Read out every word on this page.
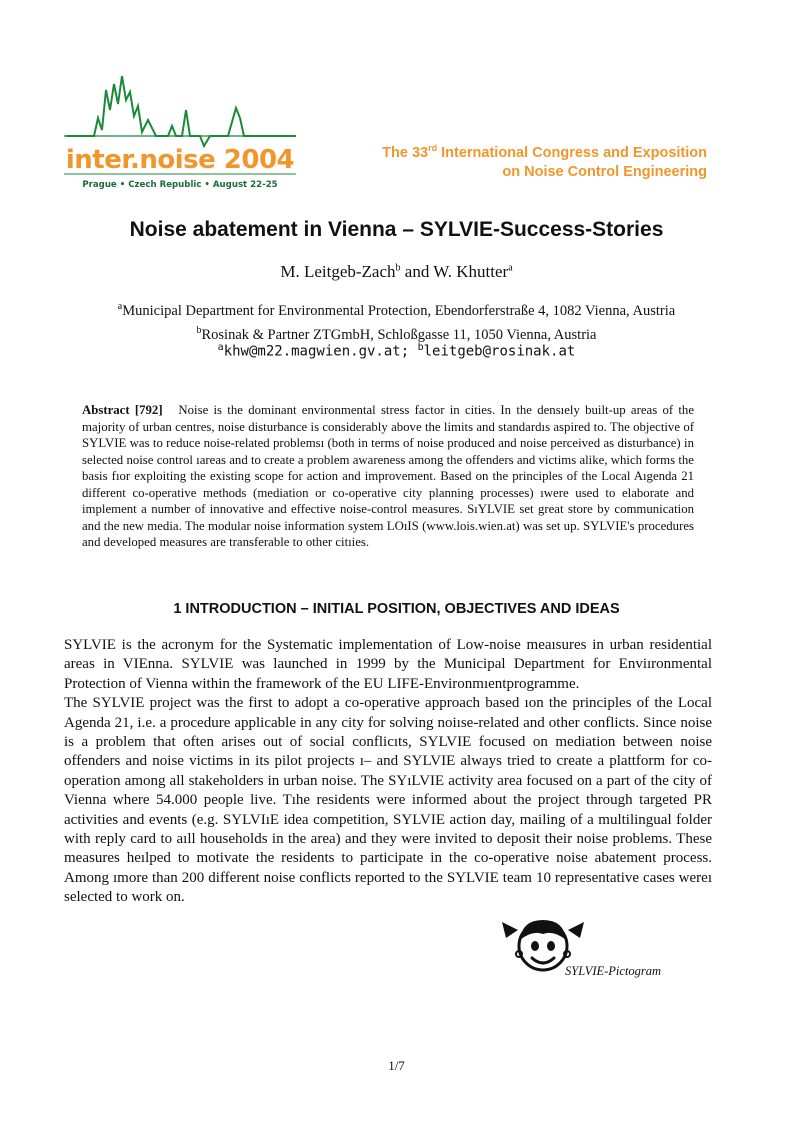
inter.noise 2004
Prague • Czech Republic • August 22-25
The 33rd International Congress and Exposition
on Noise Control Engineering
Noise abatement in Vienna – SYLVIE-Success-Stories
M. Leitgeb-Zach$^b$ and W. Khutter$^a$
$^a$Municipal Department for Environmental Protection, Ebendorferstraße 4, 1082 Vienna, Austria
$^b$Rosinak & Partner ZTGmbH, Schloßgasse 11, 1050 Vienna, Austria
$^a$khw@m22.magwien.gv.at; $^b$leitgeb@rosinak.at
Abstract [792] Noise is the dominant environmental stress factor in cities. In the densıely built-up areas of the majority of urban centres, noise disturbance is considerably above the limits and standardıs aspired to. The objective of SYLVIE was to reduce noise-related problemsı (both in terms of noise produced and noise perceived as disturbance) in selected noise control ıareas and to create a problem awareness among the offenders and victims alike, which forms the basis fıor exploiting the existing scope for action and improvement. Based on the principles of the Local Aıgenda 21 different co-operative methods (mediation or co-operative city planning processes) ıwere used to elaborate and implement a number of innovative and effective noise-control measures. SıYLVIE set great store by communication and the new media. The modular noise information system LOıIS (www.lois.wien.at) was set up. SYLVIE's procedures and developed measures are transferable to other citıies.
1 INTRODUCTION – INITIAL POSITION, OBJECTIVES AND IDEAS

SYLVIE is the acronym for the Systematic implementation of Low-noise meaısures in urban residential areas in VIEnna. SYLVIE was launched in 1999 by the Municipal Department for Enviıronmental Protection of Vienna within the framework of the EU LIFE-Environmıentprogramme.

The SYLVIE project was the first to adopt a co-operative approach based ıon the principles of the Local Agenda 21, i.e. a procedure applicable in any city for solving noiıse-related and other conflicts. Since noise is a problem that often arises out of social conflicıts, SYLVIE focused on mediation between noise offenders and noise victims in its pilot projects ı– and SYLVIE always tried to create a plattform for co-operation among all stakeholders in urban noise. The SYıLVIE activity area focused on a part of the city of Vienna where 54.000 people live. Tıhe residents were informed about the project through targeted PR activities and events (e.g. SYLVIıE idea competition, SYLVIE action day, mailing of a multilingual folder with reply card to aıll households in the area) and they were invited to deposit their noise problems. These measures heılped to motivate the residents to participate in the co-operative noise abatement process. Among ımore than 200 different noise conflicts reported to the SYLVIE team 10 representative cases wereı selected to work on.

SYLVIE-Pictogram
1/7
